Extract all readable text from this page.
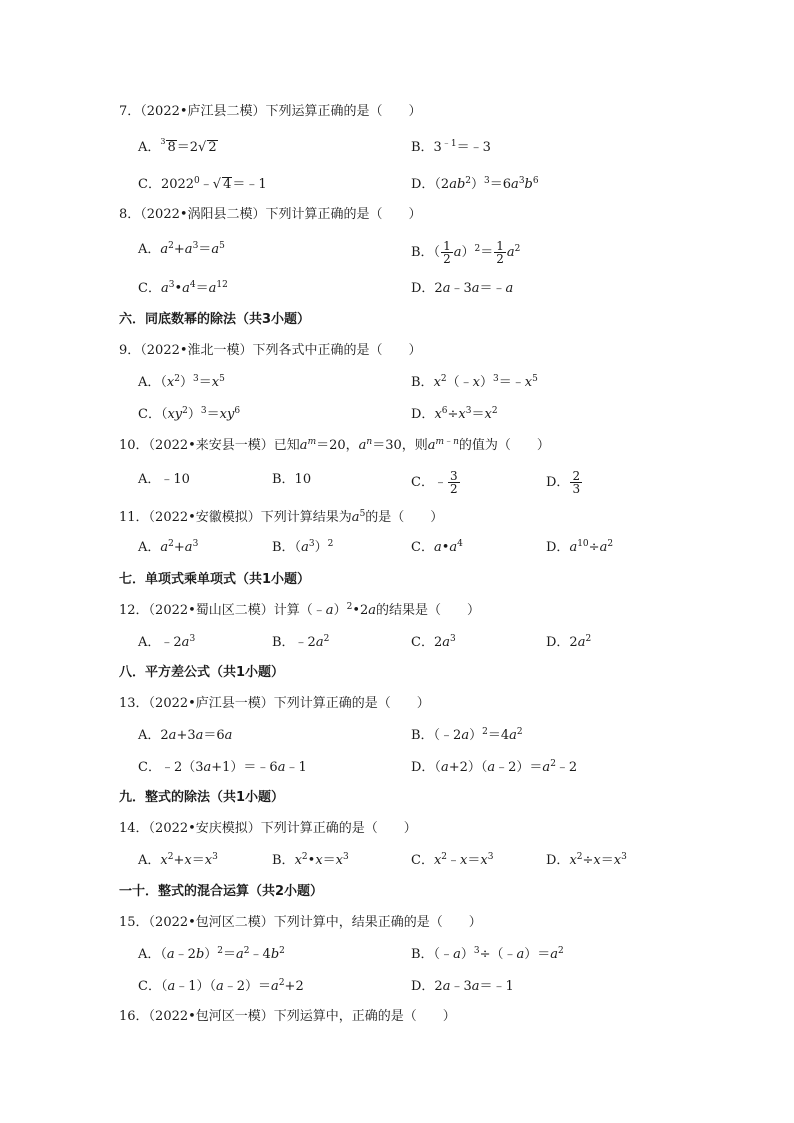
7．（2022•庐江县二模）下列运算正确的是（　　）
A．$^3$ 8＝2√ 2	B．$3^{﹣1}=﹣3$
C．2022$^0$﹣√ 4＝﹣1	D．$(2ab^2)^3=6a^3b^6$
8．（2022•涡阳县二模）下列计算正确的是（　　）
A．$a^2+a^3=a^5$	B．（ $\frac{1}{2} a)^2= \frac{1}{2} a^2$
C．$a^3•a^4=a^{12}$	D．2a﹣3a＝﹣a
六．同底数幂的除法（共3小题）
9．（2022•淮北一模）下列各式中正确的是（　　）
A．$(x^2)^3=x^5$	B．$x^2(﹣x)^3=﹣x^5$
C．$(xy^2)^3=xy^6$	D．$x^6\div x^3=x^2$
10．（2022•来安县一模）已知$a^m=20$，$a^n=30$，则$a^{m﹣n}$的值为（　　）
A．﹣10	B．10	C．﹣ $\frac{3}{2}$	D． $\frac{2}{3}$
11．（2022•安徽模拟）下列计算结果为$a^5$的是（　　）
A．$a^2+a^3$	B．$(a^3)^2$	C．$a•a^4$	D．$a^{10}\div a^2$
七．单项式乘单项式（共1小题）
12．（2022•蜀山区二模）计算（﹣a）$^2$•2a的结果是（　　）
A．$﹣2a^3$	B．$﹣2a^2$	C．$2a^3$	D．$2a^2$
八．平方差公式（共1小题）
13．（2022•庐江县一模）下列计算正确的是（　　）
A．2a+3a＝6a	B．$(﹣2a)^2=4a^2$
C．﹣2（3a+1）＝﹣6a﹣1	D．$(a+2)(a﹣2)=a^2﹣2$
九．整式的除法（共1小题）
14．（2022•安庆模拟）下列计算正确的是（　　）
A．$x^2+x=x^3$	B．$x^2•x=x^3$	C．$x^2﹣x=x^3$	D．$x^2\div x=x^3$
一十．整式的混合运算（共2小题）
15．（2022•包河区二模）下列计算中，结果正确的是（　　）
A．$(a﹣2b)^2=a^2﹣4b^2$	B．$(﹣a)^3\div(﹣a)=a^2$
C．$(a﹣1)(a﹣2)=a^2+2$	D．2a﹣3a＝﹣1
16．（2022•包河区一模）下列运算中，正确的是（　　）
